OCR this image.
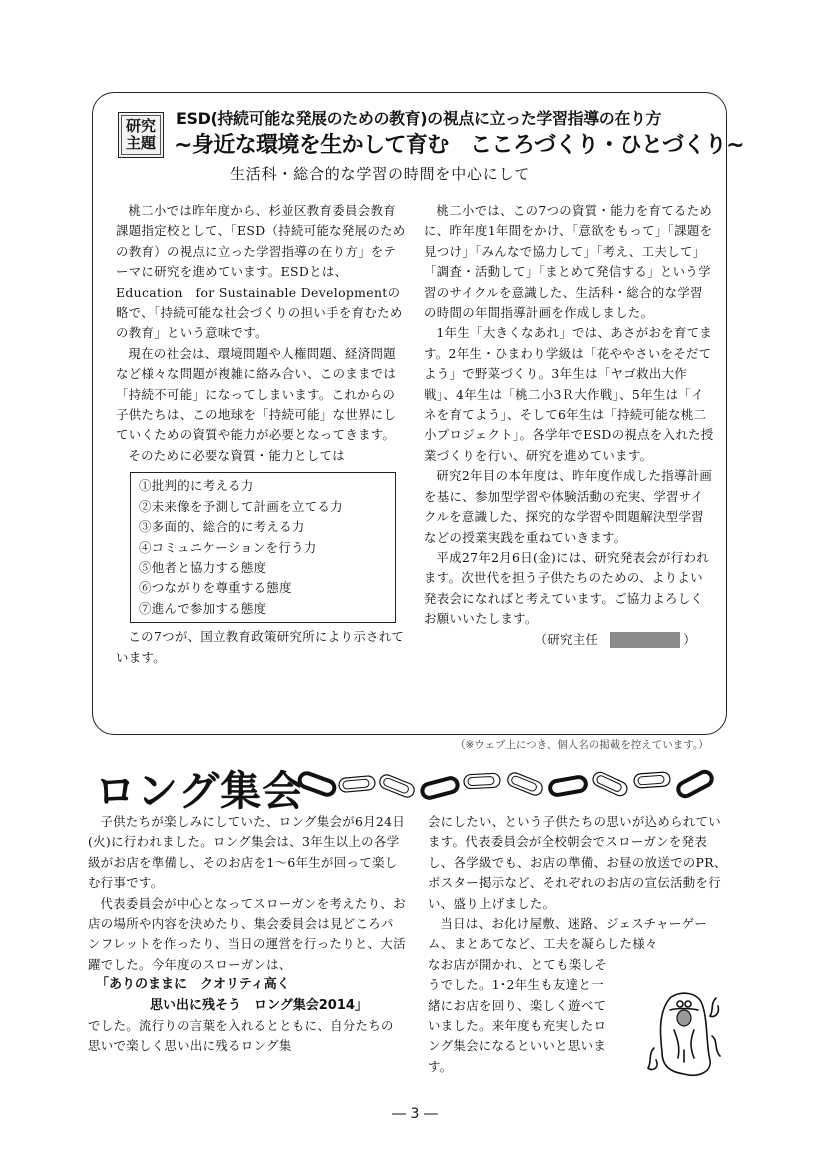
研究
主題
ESD(持続可能な発展のための教育)の視点に立った学習指導の在り方
~身近な環境を生かして育む　こころづくり・ひとづくり~
生活科・総合的な学習の時間を中心にして

桃二小では昨年度から、杉並区教育委員会教育課題指定校として、「ESD（持続可能な発展のための教育）の視点に立った学習指導の在り方」をテーマに研究を進めています。ESDとは、Education　for Sustainable Developmentの略で、「持続可能な社会づくりの担い手を育むための教育」という意味です。

現在の社会は、環境問題や人権問題、経済問題など様々な問題が複雑に絡み合い、このままでは「持続不可能」になってしまいます。これからの子供たちは、この地球を「持続可能」な世界にしていくための資質や能力が必要となってきます。

そのために必要な資質・能力としては

①批判的に考える力
②未来像を予測して計画を立てる力
③多面的、総合的に考える力
④コミュニケーションを行う力
⑤他者と協力する態度
⑥つながりを尊重する態度
⑦進んで参加する態度

この7つが、国立教育政策研究所により示されています。

桃二小では、この7つの資質・能力を育てるために、昨年度1年間をかけ、「意欲をもって」「課題を見つけ」「みんなで協力して」「考え、工夫して」「調査・活動して」「まとめて発信する」という学習のサイクルを意識した、生活科・総合的な学習の時間の年間指導計画を作成しました。

1年生「大きくなあれ」では、あさがおを育てます。2年生・ひまわり学級は「花ややさいをそだてよう」で野菜づくり。3年生は「ヤゴ救出大作戦」、4年生は「桃二小3Ｒ大作戦」、5年生は「イネを育てよう」、そして6年生は「持続可能な桃二小プロジェクト」。各学年でESDの視点を入れた授業づくりを行い、研究を進めています。

研究2年目の本年度は、昨年度作成した指導計画を基に、参加型学習や体験活動の充実、学習サイクルを意識した、探究的な学習や問題解決型学習などの授業実践を重ねていきます。

平成27年2月6日(金)には、研究発表会が行われます。次世代を担う子供たちのための、よりよい発表会になればと考えています。ご協力よろしくお願いいたします。

（研究主任	）

（※ウェブ上につき、個人名の掲載を控えています。）
ロング集会

子供たちが楽しみにしていた、ロング集会が6月24日(火)に行われました。ロング集会は、3年生以上の各学級がお店を準備し、そのお店を1～6年生が回って楽しむ行事です。

代表委員会が中心となってスローガンを考えたり、お店の場所や内容を決めたり、集会委員会は見どころパンフレットを作ったり、当日の運営を行ったりと、大活躍でした。今年度のスローガンは、

「ありのままに　クオリティ高く

思い出に残そう　ロング集会2014」

でした。流行りの言葉を入れるとともに、自分たちの思いで楽しく思い出に残るロング集

会にしたい、という子供たちの思いが込められています。代表委員会が全校朝会でスローガンを発表し、各学級でも、お店の準備、お昼の放送でのPR、ポスター掲示など、それぞれのお店の宣伝活動を行い、盛り上げました。

当日は、お化け屋敷、迷路、ジェスチャーゲーム、まとあてなど、工夫を凝らした様々

なお店が開かれ、とても楽しそうでした。1･2年生も友達と一緒にお店を回り、楽しく遊べていました。来年度も充実したロング集会になるといいと思います。

― 3 ―
